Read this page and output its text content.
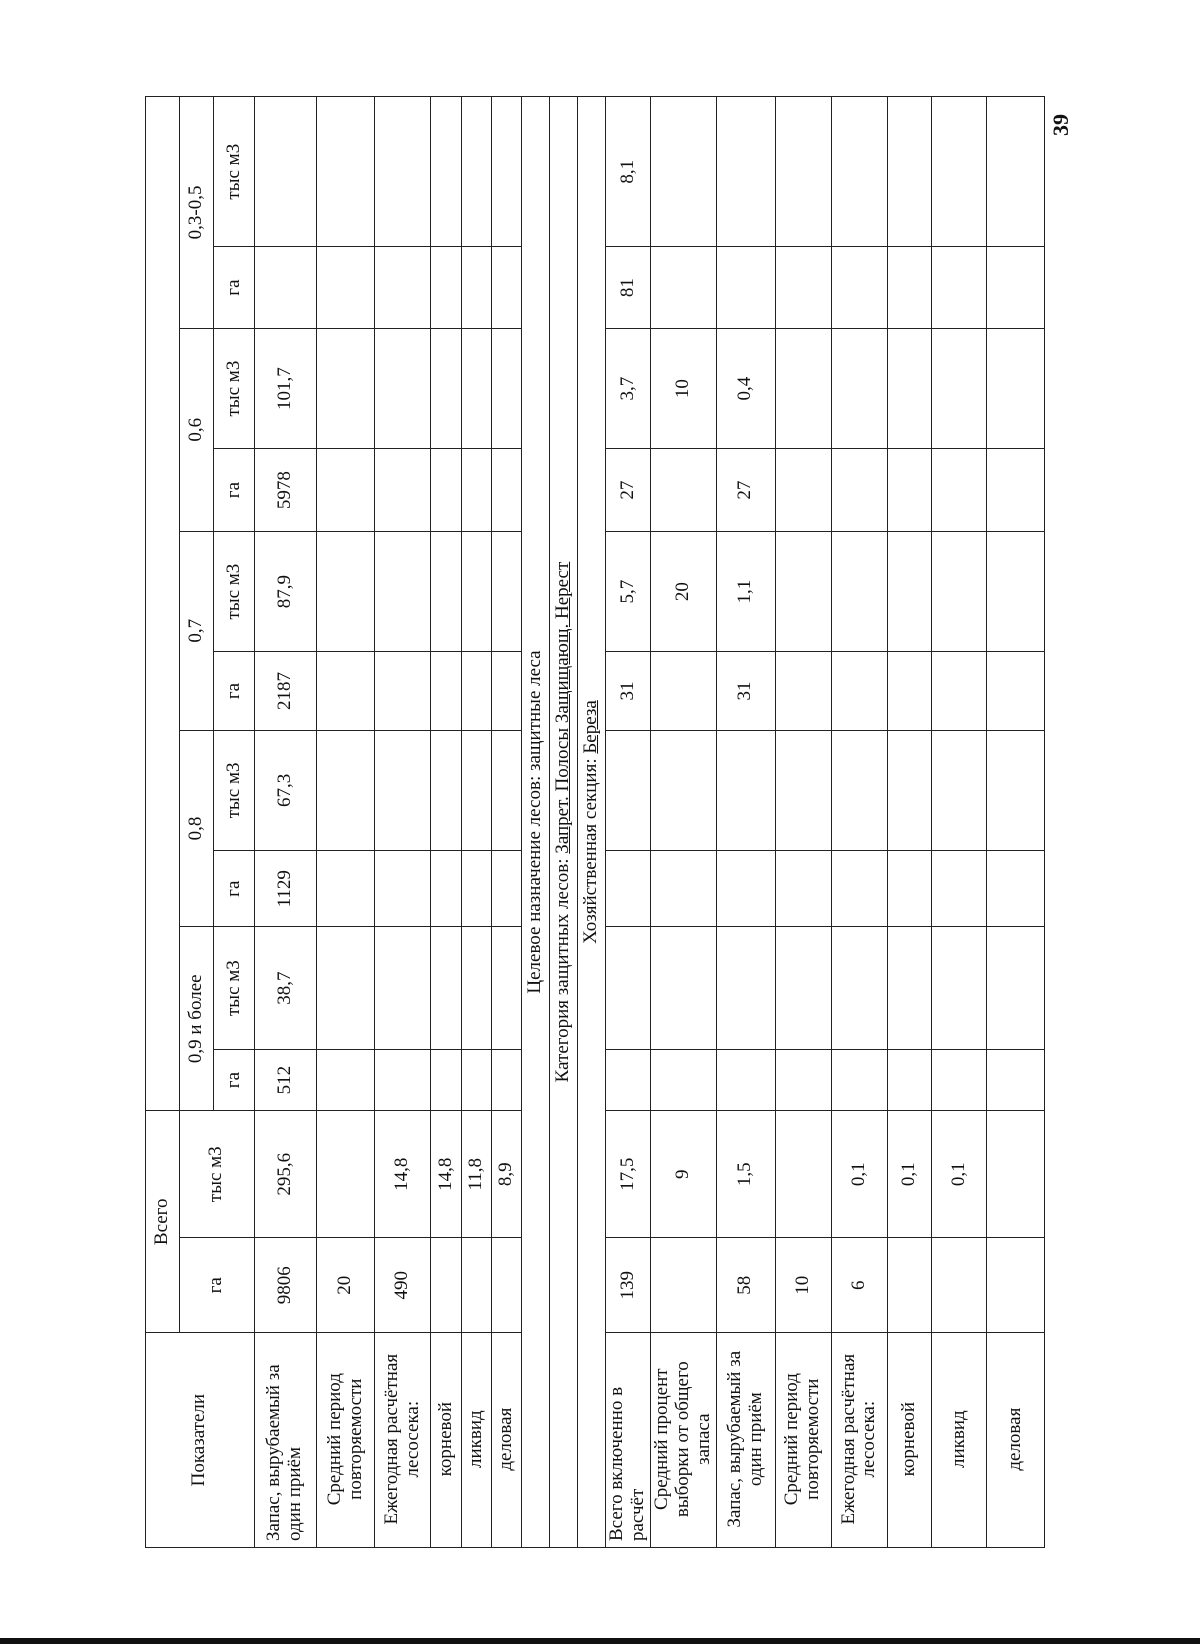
Показатели	Всего											
	га	тыс м3	0,9 и более		0,8		0,7		0,6		0,3-0,5	
			га	тыс м3	га	тыс м3	га	тыс м3	га	тыс м3	га	тыс м3
Запас, вырубаемый за один приём	9806	295,6	512	38,7	1129	67,3	2187	87,9	5978	101,7		
Средний период повторяемости	20											
Ежегодная расчётная лесосека:	490	14,8										
корневой		14,8										
ликвид		11,8										
деловая		8,9										
Целевое назначение лесов: защитные леса												
Категория защитных лесов: Запрет. Полосы Защищающ. Нерест												
Хозяйственная секция: Береза												
Всего включенно в расчёт	139	17,5					31	5,7	27	3,7	81	8,1
Средний процент выборки от общего запаса		9						20		10		
Запас, вырубаемый за один приём	58	1,5					31	1,1	27	0,4		
Средний период повторяемости	10											
Ежегодная расчётная лесосека:	6	0,1										
корневой		0,1										
ликвид		0,1										
деловая												
39
